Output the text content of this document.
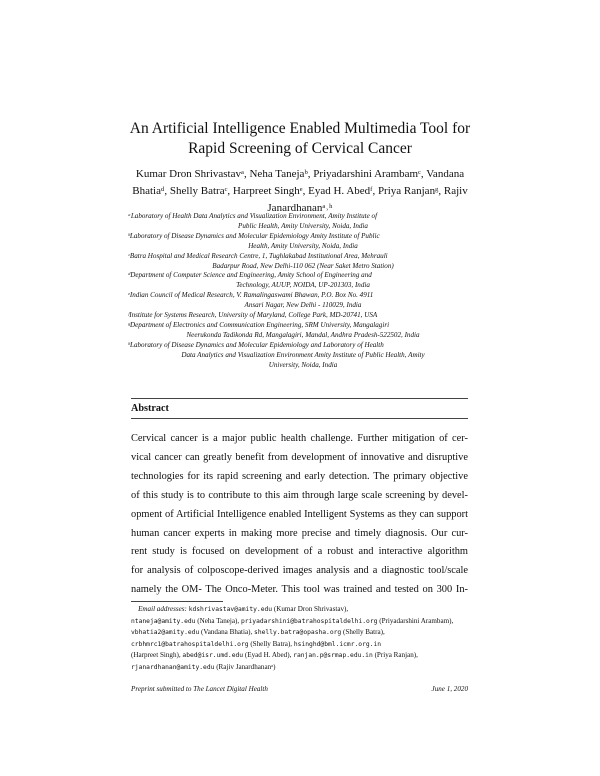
An Artificial Intelligence Enabled Multimedia Tool for
Rapid Screening of Cervical Cancer
Kumar Dron Shrivastavᵃ, Neha Tanejaᵇ, Priyadarshini Arambamᶜ, Vandana
Bhatiaᵈ, Shelly Batraᶜ, Harpreet Singhᵉ, Eyad H. Abedᶠ, Priya Ranjanᵍ, Rajiv
Janardhananᵃ˒ʰ

ᵃLaboratory of Health Data Analytics and Visualization Environment, Amity Institute of
Public Health, Amity University, Noida, India

ᵇLaboratory of Disease Dynamics and Molecular Epidemiology Amity Institute of Public
Health, Amity University, Noida, India

ᶜBatra Hospital and Medical Research Centre, 1, Tughlakabad Institutional Area, Mehrauli
Badarpur Road, New Delhi-110 062 (Near Saket Metro Station)

ᵈDepartment of Computer Science and Engineering, Amity School of Engineering and
Technology, AUUP, NOIDA, UP-201303, India

ᵉIndian Council of Medical Research, V. Ramalingaswami Bhawan, P.O. Box No. 4911
Ansari Nagar, New Delhi - 110029, India

ᶠInstitute for Systems Research, University of Maryland, College Park, MD-20741, USA

ᵍDepartment of Electronics and Communication Engineering, SRM University, Mangalagiri
Neerukonda Tadikonda Rd, Mangalagiri, Mandal, Andhra Pradesh-522502, India

ʰLaboratory of Disease Dynamics and Molecular Epidemiology and Laboratory of Health
Data Analytics and Visualization Environment Amity Institute of Public Health, Amity
University, Noida, India

Abstract
Cervical cancer is a major public health challenge. Further mitigation of cer-
vical cancer can greatly benefit from development of innovative and disruptive
technologies for its rapid screening and early detection. The primary objective
of this study is to contribute to this aim through large scale screening by devel-
opment of Artificial Intelligence enabled Intelligent Systems as they can support
human cancer experts in making more precise and timely diagnosis. Our cur-
rent study is focused on development of a robust and interactive algorithm
for analysis of colposcope-derived images analysis and a diagnostic tool/scale
namely the OM- The Onco-Meter. This tool was trained and tested on 300 In-
Email addresses: kdshrivastav@amity.edu (Kumar Dron Shrivastav),
ntaneja@amity.edu (Neha Taneja), priyadarshini@batrahospitaldelhi.org (Priyadarshini Arambam),
vbhatia2@amity.edu (Vandana Bhatia), shelly.batra@opasha.org (Shelly Batra),
crbhmrc1@batrahospitaldelhi.org (Shelly Batra), hsinghd@bml.icmr.org.in
(Harpreet Singh), abed@isr.umd.edu (Eyad H. Abed), ranjan.p@srmap.edu.in (Priya Ranjan),
rjanardhanan@amity.edu (Rajiv Janardhananᵃ)
Preprint submitted to The Lancet Digital Health	June 1, 2020
